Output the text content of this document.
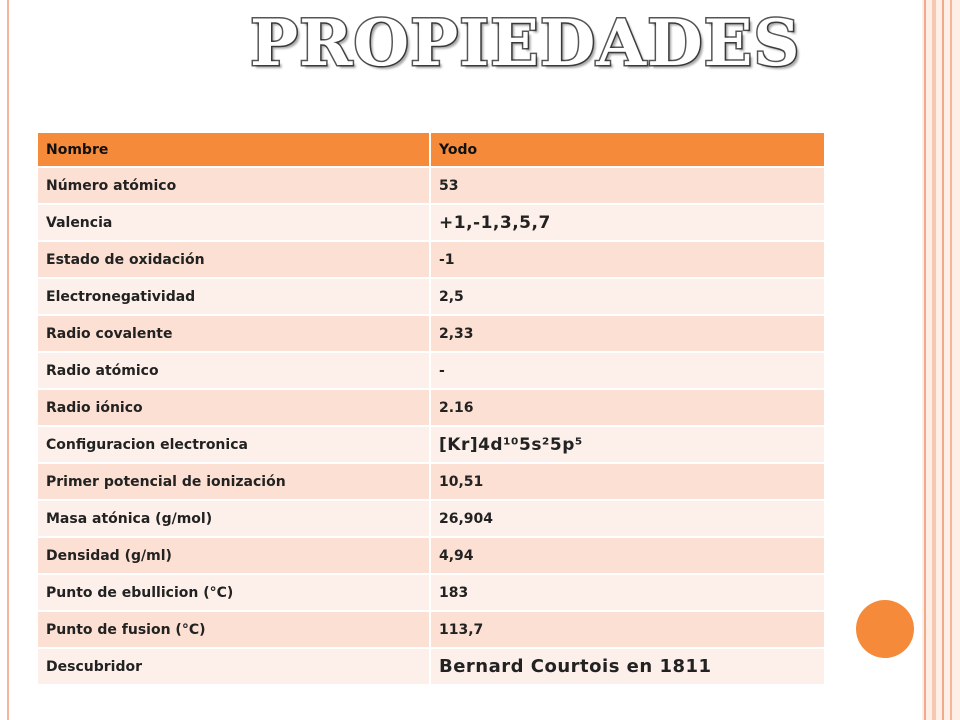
PROPIEDADES
Nombre	Yodo
Número atómico	53
Valencia	+1,-1,3,5,7
Estado de oxidación	-1
Electronegatividad	2,5
Radio covalente	2,33
Radio atómico	-
Radio iónico	2.16
Configuracion electronica	[Kr]4d¹⁰5s²5p⁵
Primer potencial de ionización	10,51
Masa atónica (g/mol)	26,904
Densidad (g/ml)	4,94
Punto de ebullicion (°C)	183
Punto de fusion (°C)	113,7
Descubridor	Bernard Courtois en 1811
